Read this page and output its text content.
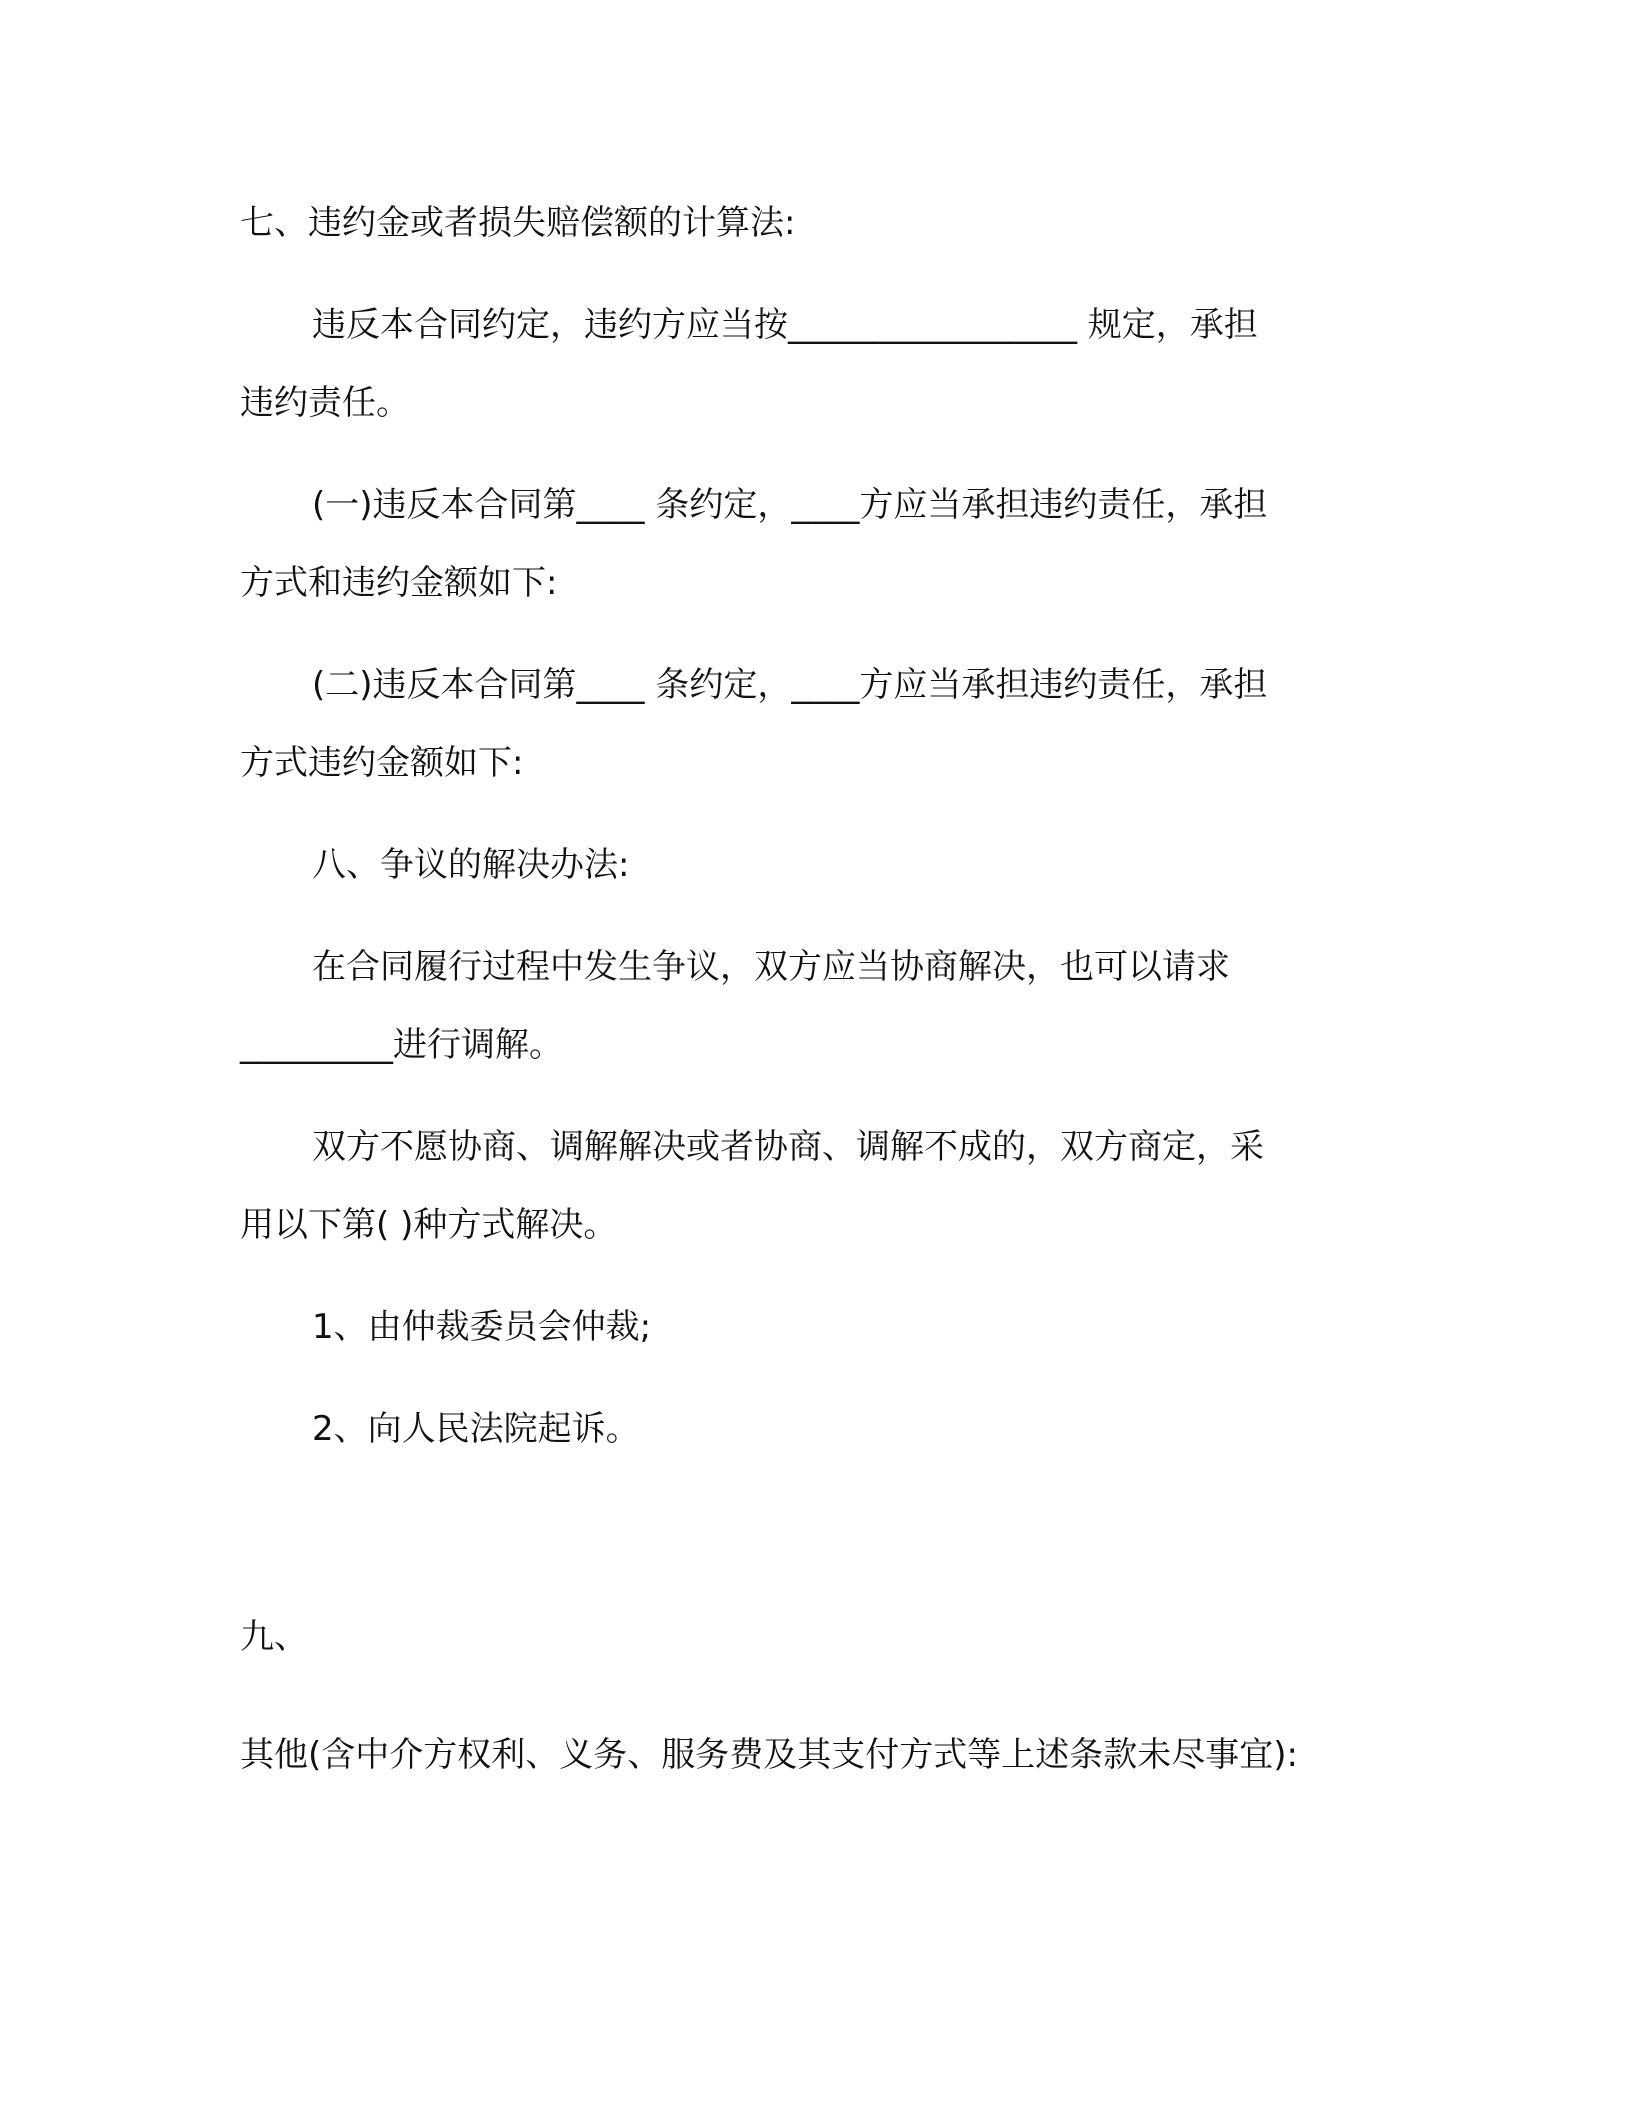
七、违约金或者损失赔偿额的计算法:

违反本合同约定，违约方应当按_________________ 规定，承担

违约责任。

(一)违反本合同第____ 条约定，____方应当承担违约责任，承担

方式和违约金额如下:

(二)违反本合同第____ 条约定，____方应当承担违约责任，承担

方式违约金额如下:

八、争议的解决办法:

在合同履行过程中发生争议，双方应当协商解决，也可以请求

_________进行调解。

双方不愿协商、调解解决或者协商、调解不成的，双方商定，采

用以下第( )种方式解决。

1、由仲裁委员会仲裁;

2、向人民法院起诉。

九、

其他(含中介方权利、义务、服务费及其支付方式等上述条款未尽事宜):
